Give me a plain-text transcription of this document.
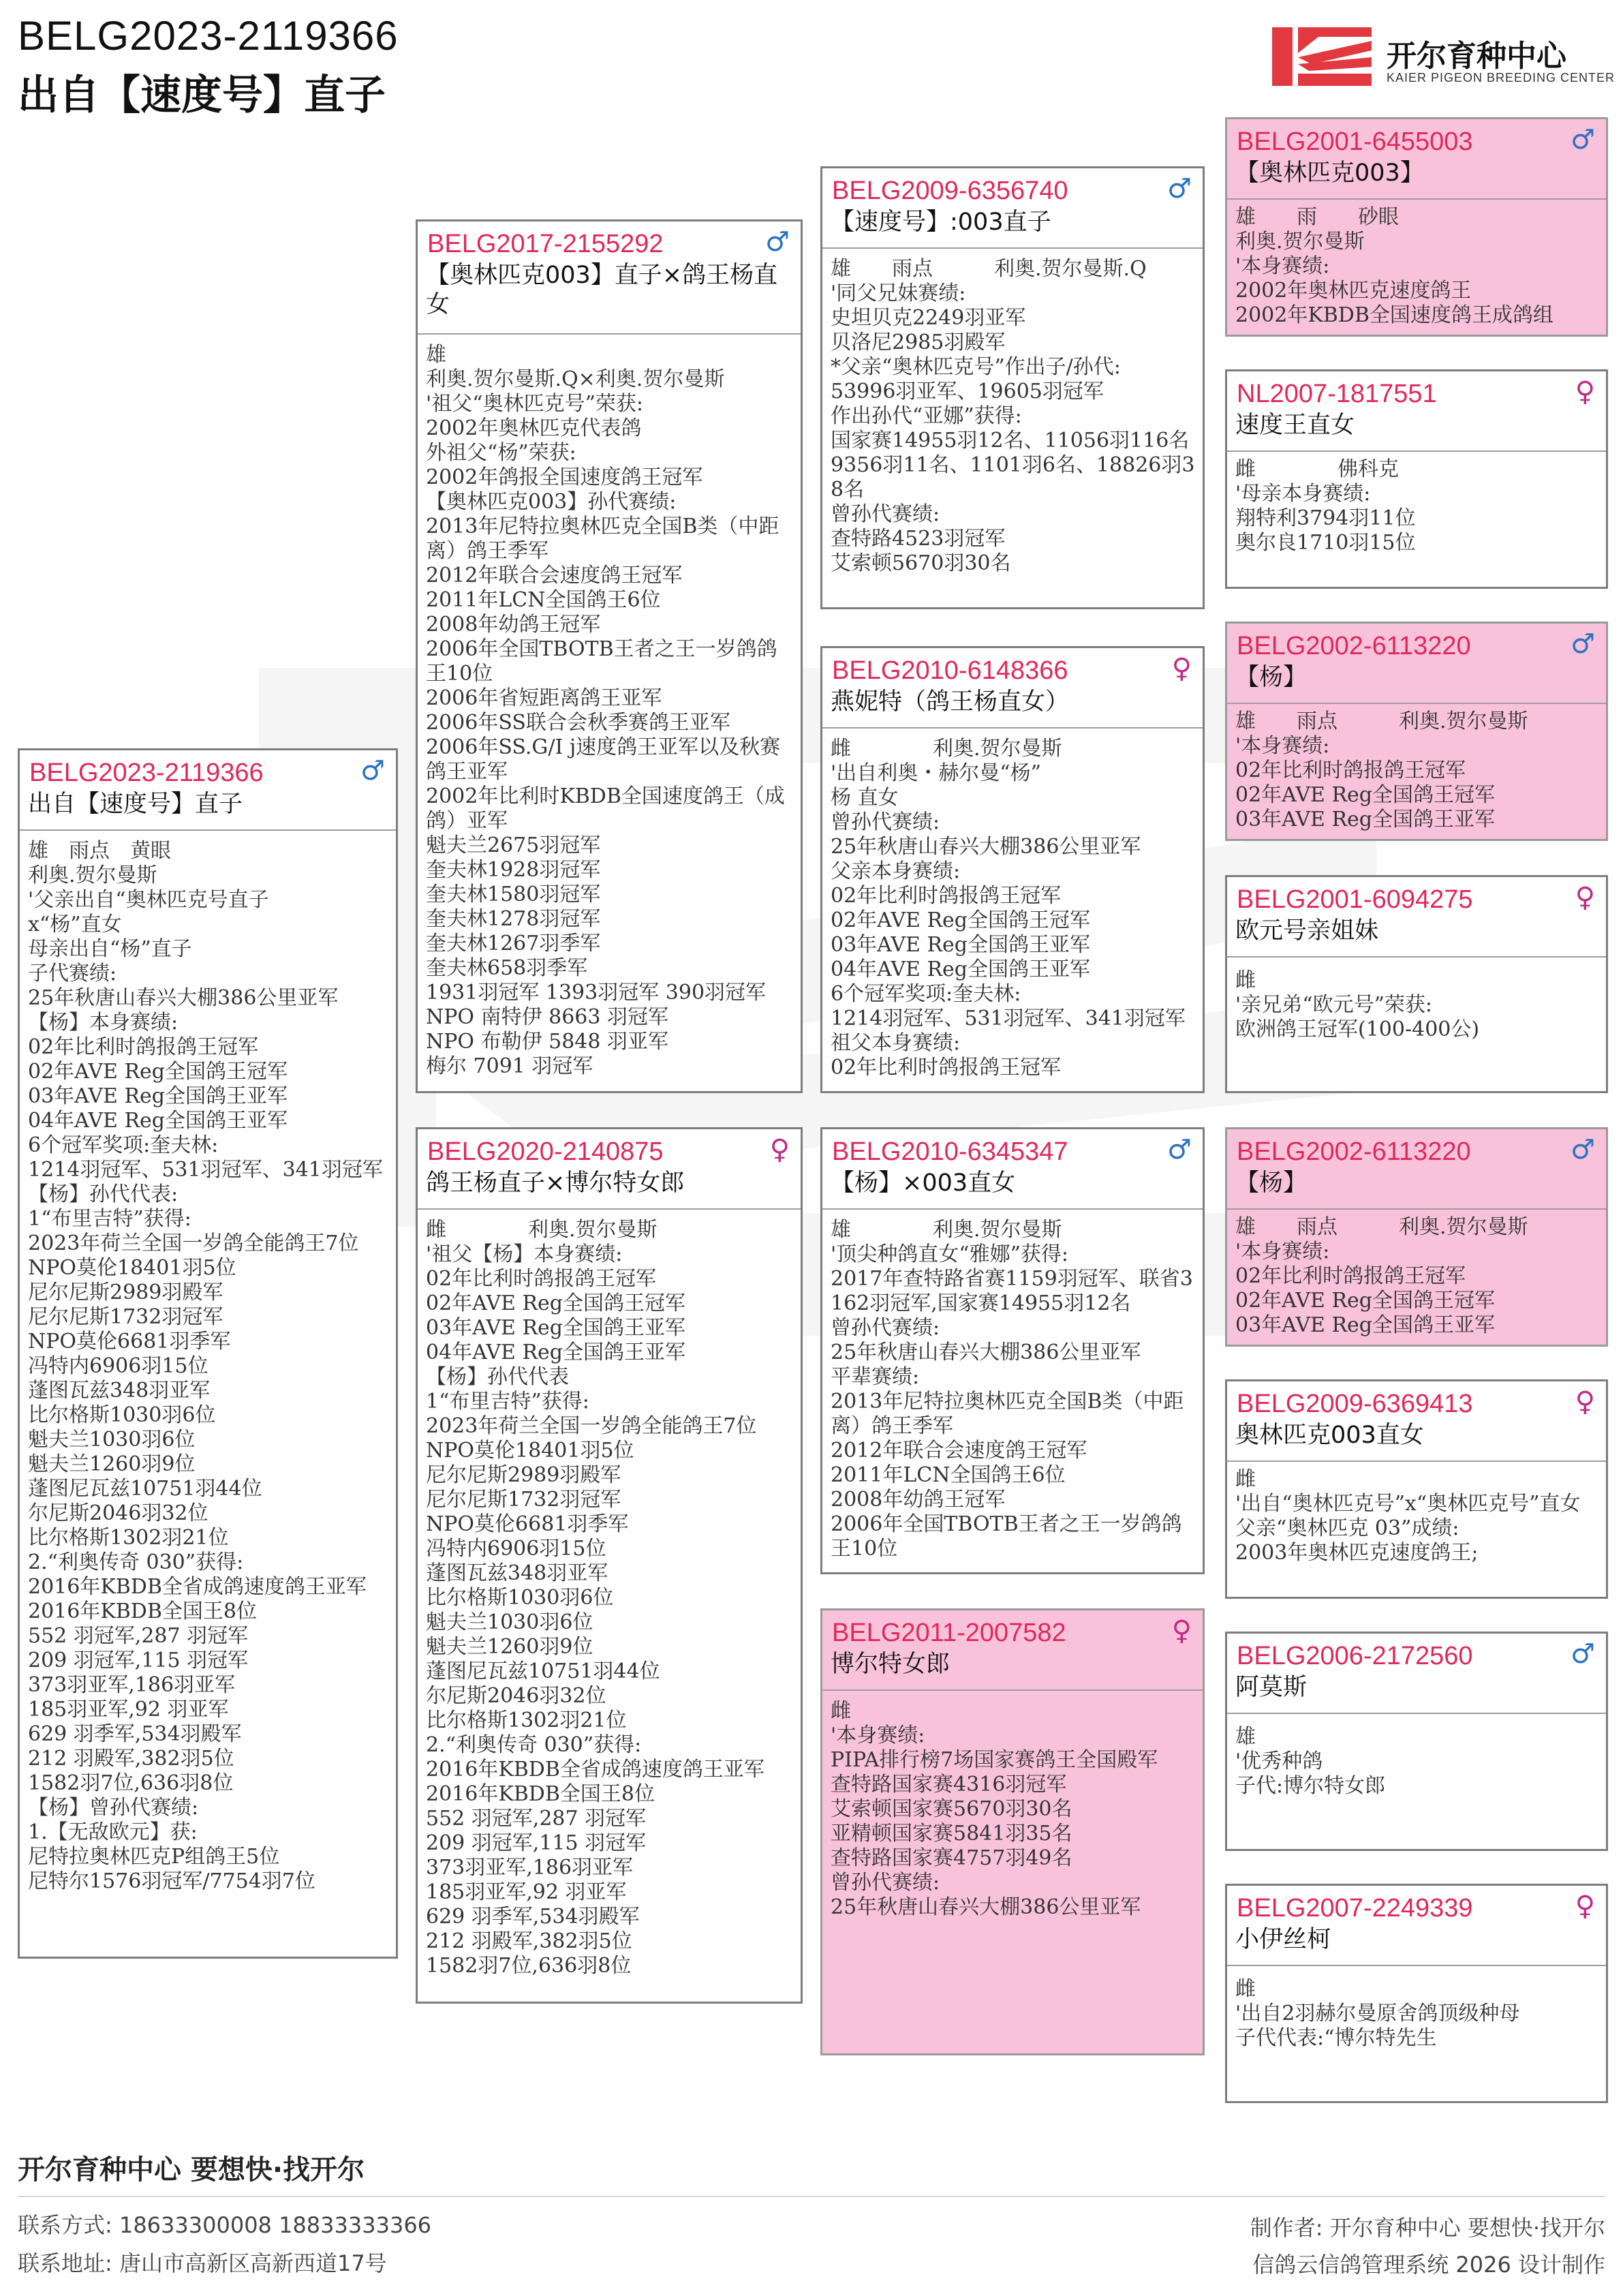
BELG2023-2119366
出自【速度号】直子
开尔育种中心
KAIER PIGEON BREEDING CENTER
BELG2023-2119366	♂
出自【速度号】直子
雄　雨点　黄眼
利奥.贺尔曼斯
'父亲出自“奥林匹克号直子
x“杨”直女
母亲出自“杨”直子
子代赛绩:
25年秋唐山春兴大棚386公里亚军
【杨】本身赛绩:
02年比利时鸽报鸽王冠军
02年AVE Reg全国鸽王冠军
03年AVE Reg全国鸽王亚军
04年AVE Reg全国鸽王亚军
6个冠军奖项:奎夫林:
1214羽冠军、531羽冠军、341羽冠军
【杨】孙代代表:
1“布里吉特”获得:
2023年荷兰全国一岁鸽全能鸽王7位
NPO莫伦18401羽5位
尼尔尼斯2989羽殿军
尼尔尼斯1732羽冠军
NPO莫伦6681羽季军
冯特内6906羽15位
蓬图瓦兹348羽亚军
比尔格斯1030羽6位
魁夫兰1030羽6位
魁夫兰1260羽9位
蓬图尼瓦兹10751羽44位
尔尼斯2046羽32位
比尔格斯1302羽21位
2.“利奥传奇 030”获得:
2016年KBDB全省成鸽速度鸽王亚军
2016年KBDB全国王8位
552 羽冠军,287 羽冠军
209 羽冠军,115 羽冠军
373羽亚军,186羽亚军
185羽亚军,92 羽亚军
629 羽季军,534羽殿军
212 羽殿军,382羽5位
1582羽7位,636羽8位
【杨】曾孙代赛绩:
1.【无敌欧元】获:
尼特拉奥林匹克P组鸽王5位
尼特尔1576羽冠军/7754羽7位
BELG2017-2155292	♂
【奥林匹克003】直子×鸽王杨直女
雄
利奥.贺尔曼斯.Q×利奥.贺尔曼斯
'祖父“奥林匹克号”荣获:
2002年奥林匹克代表鸽
外祖父“杨”荣获:
2002年鸽报全国速度鸽王冠军
【奥林匹克003】孙代赛绩:
2013年尼特拉奥林匹克全国B类（中距离）鸽王季军
2012年联合会速度鸽王冠军
2011年LCN全国鸽王6位
2008年幼鸽王冠军
2006年全国TBOTB王者之王一岁鸽鸽王10位
2006年省短距离鸽王亚军
2006年SS联合会秋季赛鸽王亚军
2006年SS.G/I j速度鸽王亚军以及秋赛鸽王亚军
2002年比利时KBDB全国速度鸽王（成鸽）亚军
魁夫兰2675羽冠军
奎夫林1928羽冠军
奎夫林1580羽冠军
奎夫林1278羽冠军
奎夫林1267羽季军
奎夫林658羽季军
1931羽冠军 1393羽冠军 390羽冠军
NPO 南特伊 8663 羽冠军
NPO 布勒伊 5848 羽亚军
梅尔 7091 羽冠军
BELG2020-2140875	♀
鸽王杨直子×博尔特女郎
雌　　　　利奥.贺尔曼斯
'祖父【杨】本身赛绩:
02年比利时鸽报鸽王冠军
02年AVE Reg全国鸽王冠军
03年AVE Reg全国鸽王亚军
04年AVE Reg全国鸽王亚军
【杨】孙代代表
1“布里吉特”获得:
2023年荷兰全国一岁鸽全能鸽王7位
NPO莫伦18401羽5位
尼尔尼斯2989羽殿军
尼尔尼斯1732羽冠军
NPO莫伦6681羽季军
冯特内6906羽15位
蓬图瓦兹348羽亚军
比尔格斯1030羽6位
魁夫兰1030羽6位
魁夫兰1260羽9位
蓬图尼瓦兹10751羽44位
尔尼斯2046羽32位
比尔格斯1302羽21位
2.“利奥传奇 030”获得:
2016年KBDB全省成鸽速度鸽王亚军
2016年KBDB全国王8位
552 羽冠军,287 羽冠军
209 羽冠军,115 羽冠军
373羽亚军,186羽亚军
185羽亚军,92 羽亚军
629 羽季军,534羽殿军
212 羽殿军,382羽5位
1582羽7位,636羽8位
BELG2009-6356740	♂
【速度号】:003直子
雄　　雨点　　　利奥.贺尔曼斯.Q
'同父兄妹赛绩:
史坦贝克2249羽亚军
贝洛尼2985羽殿军
*父亲“奥林匹克号”作出子/孙代:
53996羽亚军、19605羽冠军
作出孙代“亚娜”获得:
国家赛14955羽12名、11056羽116名
9356羽11名、1101羽6名、18826羽38名
曾孙代赛绩:
查特路4523羽冠军
艾索顿5670羽30名
BELG2010-6148366	♀
燕妮特（鸽王杨直女）
雌　　　　利奥.贺尔曼斯
'出自利奥・赫尔曼“杨”
杨 直女
曾孙代赛绩:
25年秋唐山春兴大棚386公里亚军
父亲本身赛绩:
02年比利时鸽报鸽王冠军
02年AVE Reg全国鸽王冠军
03年AVE Reg全国鸽王亚军
04年AVE Reg全国鸽王亚军
6个冠军奖项:奎夫林:
1214羽冠军、531羽冠军、341羽冠军
祖父本身赛绩:
02年比利时鸽报鸽王冠军
BELG2010-6345347	♂
【杨】×003直女
雄　　　　利奥.贺尔曼斯
'顶尖种鸽直女“雅娜”获得:
2017年查特路省赛1159羽冠军、联省3162羽冠军,国家赛14955羽12名
曾孙代赛绩:
25年秋唐山春兴大棚386公里亚军
平辈赛绩:
2013年尼特拉奥林匹克全国B类（中距离）鸽王季军
2012年联合会速度鸽王冠军
2011年LCN全国鸽王6位
2008年幼鸽王冠军
2006年全国TBOTB王者之王一岁鸽鸽王10位
BELG2011-2007582	♀
博尔特女郎
雌
'本身赛绩:
PIPA排行榜7场国家赛鸽王全国殿军
查特路国家赛4316羽冠军
艾索顿国家赛5670羽30名
亚精顿国家赛5841羽35名
查特路国家赛4757羽49名
曾孙代赛绩:
25年秋唐山春兴大棚386公里亚军
BELG2001-6455003	♂
【奥林匹克003】
雄　　雨　　砂眼
利奥.贺尔曼斯
'本身赛绩:
2002年奥林匹克速度鸽王
2002年KBDB全国速度鸽王成鸽组
NL2007-1817551	♀
速度王直女
雌　　　　佛科克
'母亲本身赛绩:
翔特利3794羽11位
奥尔良1710羽15位
BELG2002-6113220	♂
【杨】
雄　　雨点　　　利奥.贺尔曼斯
'本身赛绩:
02年比利时鸽报鸽王冠军
02年AVE Reg全国鸽王冠军
03年AVE Reg全国鸽王亚军
BELG2001-6094275	♀
欧元号亲姐妹
雌
'亲兄弟“欧元号”荣获:
欧洲鸽王冠军(100-400公)
BELG2002-6113220	♂
【杨】
雄　　雨点　　　利奥.贺尔曼斯
'本身赛绩:
02年比利时鸽报鸽王冠军
02年AVE Reg全国鸽王冠军
03年AVE Reg全国鸽王亚军
BELG2009-6369413	♀
奥林匹克003直女
雌
'出自“奥林匹克号”x“奥林匹克号”直女
父亲“奥林匹克 03”成绩:
2003年奥林匹克速度鸽王;
BELG2006-2172560	♂
阿莫斯
雄
'优秀种鸽
子代:博尔特女郎
BELG2007-2249339	♀
小伊丝柯
雌
'出自2羽赫尔曼原舍鸽顶级种母
子代代表:“博尔特先生
开尔育种中心 要想快·找开尔
联系方式: 18633300008 18833333366
联系地址: 唐山市高新区高新西道17号
制作者: 开尔育种中心 要想快·找开尔
信鸽云信鸽管理系统 2026 设计制作
